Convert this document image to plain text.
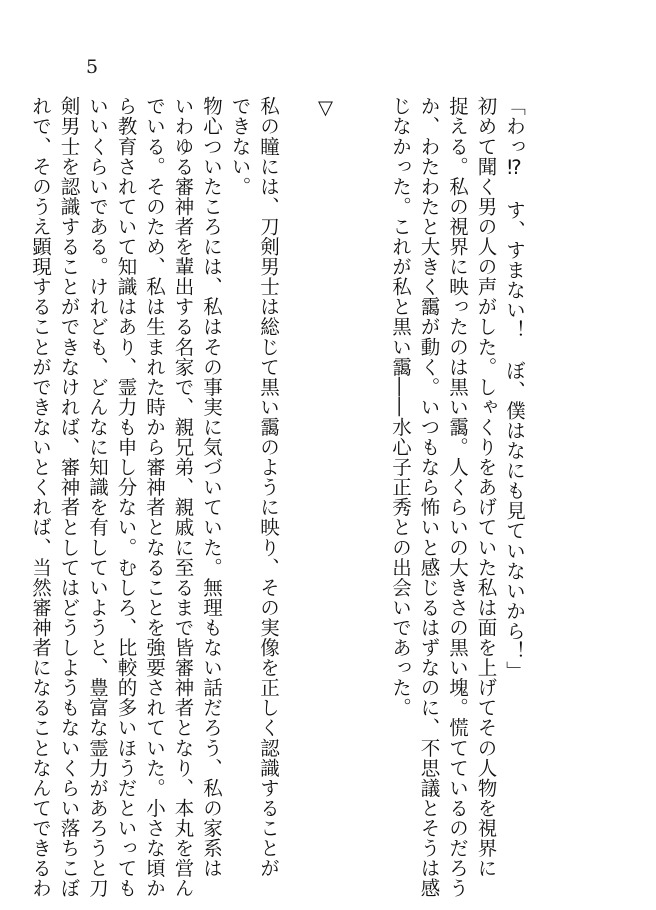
5
「わっ⁉　す、すまない！　ぼ、僕はなにも見ていないから！」
初めて聞く男の人の声がした。しゃくりをあげていた私は面を上げてその人物を視界に
捉える。私の視界に映ったのは黒い靄。人くらいの大きさの黒い塊。慌てているのだろう
か、わたわたと大きく靄が動く。いつもなら怖いと感じるはずなのに、不思議とそうは感
じなかった。これが私と黒い靄――水心子正秀との出会いであった。

▽

私の瞳には、刀剣男士は総じて黒い靄のように映り、その実像を正しく認識することが
できない。
物心ついたころには、私はその事実に気づいていた。無理もない話だろう、私の家系は
いわゆる審神者を輩出する名家で、親兄弟、親戚に至るまで皆審神者となり、本丸を営ん
でいる。そのため、私は生まれた時から審神者となることを強要されていた。小さな頃か
ら教育されていて知識はあり、霊力も申し分ない。むしろ、比較的多いほうだといっても
いいくらいである。けれども、どんなに知識を有していようと、豊富な霊力があろうと刀
剣男士を認識することができなければ、審神者としてはどうしようもないくらい落ちこぼ
れで、そのうえ顕現することができないとくれば、当然審神者になることなんてできるわ
